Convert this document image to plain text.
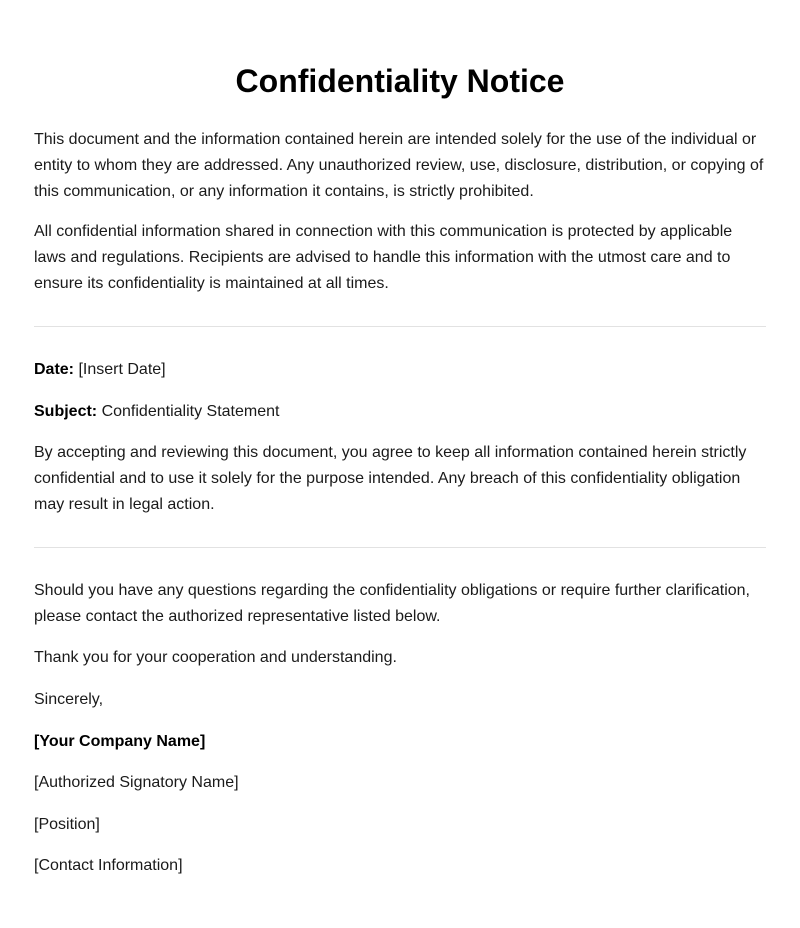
Confidentiality Notice

This document and the information contained herein are intended solely for the use of the individual or entity to whom they are addressed. Any unauthorized review, use, disclosure, distribution, or copying of this communication, or any information it contains, is strictly prohibited.

All confidential information shared in connection with this communication is protected by applicable laws and regulations. Recipients are advised to handle this information with the utmost care and to ensure its confidentiality is maintained at all times.

Date: [Insert Date]

Subject: Confidentiality Statement

By accepting and reviewing this document, you agree to keep all information contained herein strictly confidential and to use it solely for the purpose intended. Any breach of this confidentiality obligation may result in legal action.

Should you have any questions regarding the confidentiality obligations or require further clarification, please contact the authorized representative listed below.

Thank you for your cooperation and understanding.

Sincerely,

[Your Company Name]

[Authorized Signatory Name]

[Position]

[Contact Information]
